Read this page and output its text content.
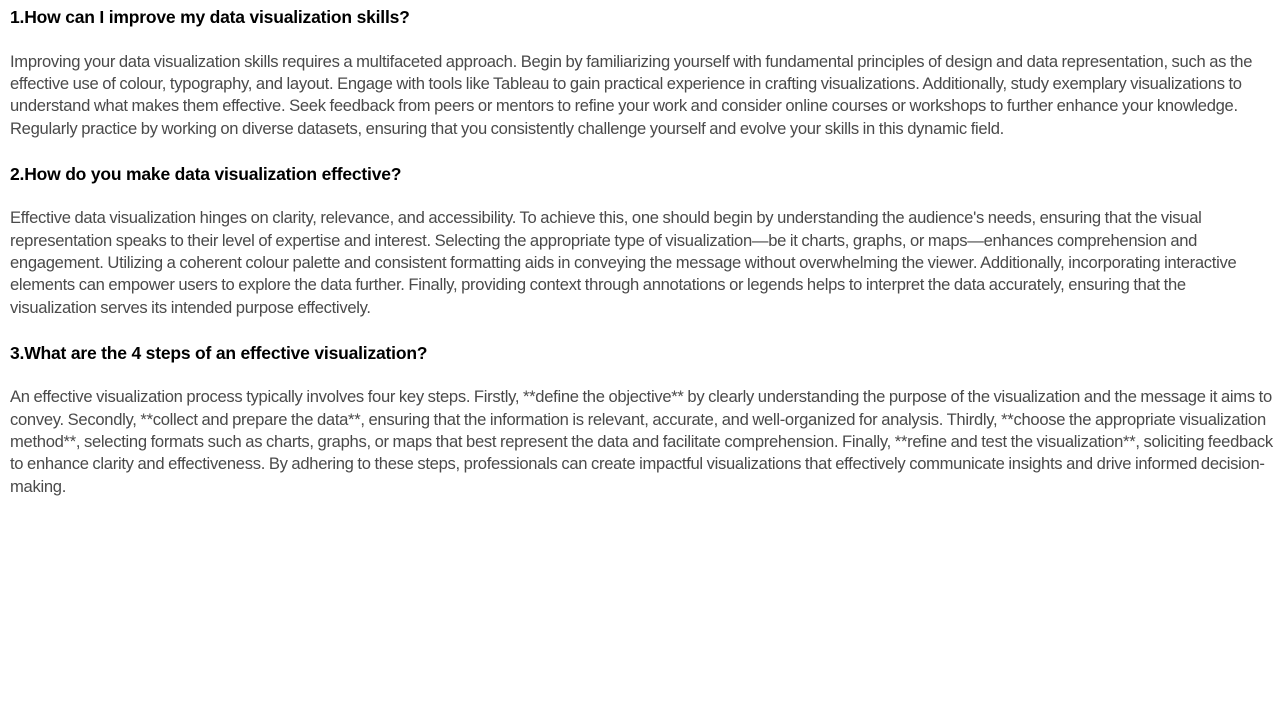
1.How can I improve my data visualization skills?

Improving your data visualization skills requires a multifaceted approach. Begin by familiarizing yourself with fundamental principles of design and data representation, such as the effective use of colour, typography, and layout. Engage with tools like Tableau to gain practical experience in crafting visualizations. Additionally, study exemplary visualizations to understand what makes them effective. Seek feedback from peers or mentors to refine your work and consider online courses or workshops to further enhance your knowledge. Regularly practice by working on diverse datasets, ensuring that you consistently challenge yourself and evolve your skills in this dynamic field.

2.How do you make data visualization effective?

Effective data visualization hinges on clarity, relevance, and accessibility. To achieve this, one should begin by understanding the audience's needs, ensuring that the visual representation speaks to their level of expertise and interest. Selecting the appropriate type of visualization—be it charts, graphs, or maps—enhances comprehension and engagement. Utilizing a coherent colour palette and consistent formatting aids in conveying the message without overwhelming the viewer. Additionally, incorporating interactive elements can empower users to explore the data further. Finally, providing context through annotations or legends helps to interpret the data accurately, ensuring that the visualization serves its intended purpose effectively.

3.What are the 4 steps of an effective visualization?

An effective visualization process typically involves four key steps. Firstly, **define the objective** by clearly understanding the purpose of the visualization and the message it aims to convey. Secondly, **collect and prepare the data**, ensuring that the information is relevant, accurate, and well-organized for analysis. Thirdly, **choose the appropriate visualization method**, selecting formats such as charts, graphs, or maps that best represent the data and facilitate comprehension. Finally, **refine and test the visualization**, soliciting feedback to enhance clarity and effectiveness. By adhering to these steps, professionals can create impactful visualizations that effectively communicate insights and drive informed decision-making.
